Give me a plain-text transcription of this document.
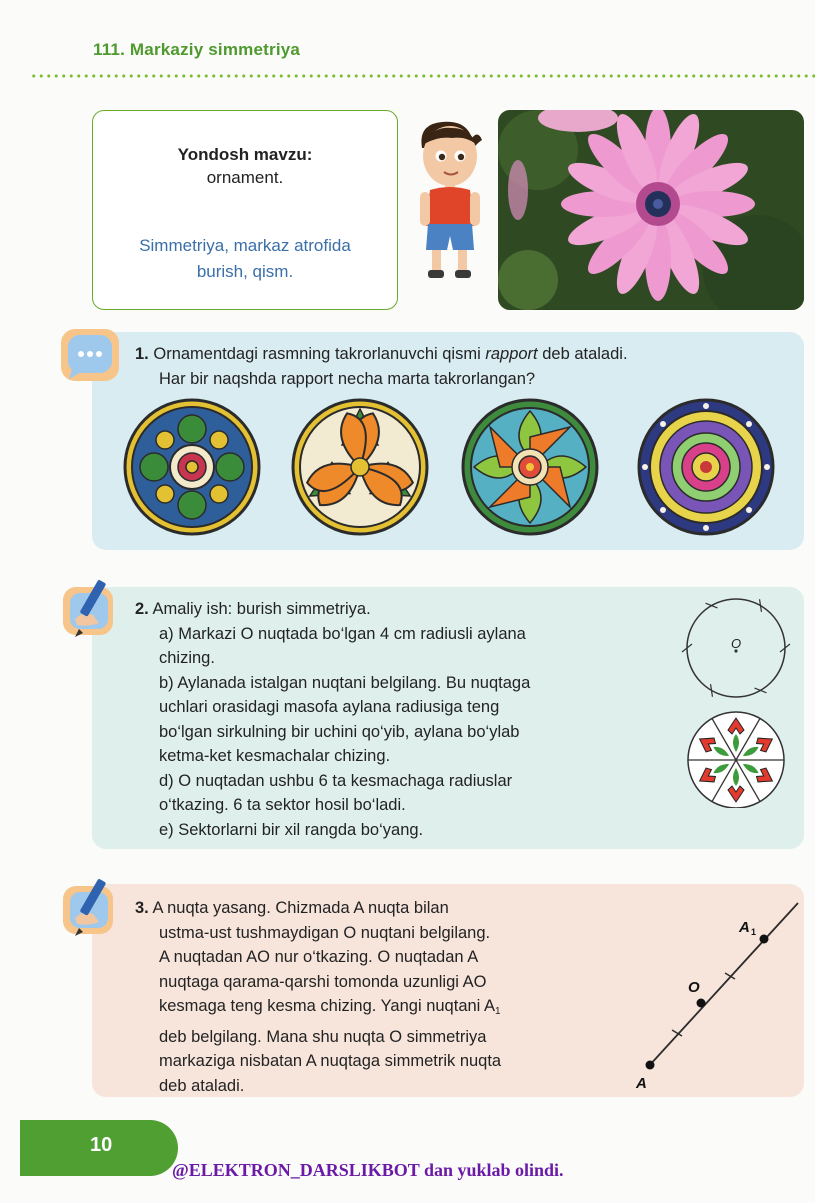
111. Markaziy simmetriya
Yondosh mavzu:
ornament.
Simmetriya, markaz atrofida
burish, qism.
1. Ornamentdagi rasmning takrorlanuvchi qismi rapport deb ataladi.
Har bir naqshda rapport necha marta takrorlangan?
2. Amaliy ish: burish simmetriya.
a) Markazi O nuqtada bo‘lgan 4 cm radiusli aylana
chizing.
b) Aylanada istalgan nuqtani belgilang. Bu nuqtaga
uchlari orasidagi masofa aylana radiusiga teng
bo‘lgan sirkulning bir uchini qo‘yib, aylana bo‘ylab
ketma-ket kesmachalar chizing.
d) O nuqtadan ushbu 6 ta kesmachaga radiuslar
o‘tkazing. 6 ta sektor hosil bo‘ladi.
e) Sektorlarni bir xil rangda bo‘yang.
O
3. A nuqta yasang. Chizmada A nuqta bilan
ustma-ust tushmaydigan O nuqtani belgilang.
A nuqtadan AO nur o‘tkazing. O nuqtadan A
nuqtaga qarama-qarshi tomonda uzunligi AO
kesmaga teng kesma chizing. Yangi nuqtani A1
deb belgilang. Mana shu nuqta O simmetriya
markaziga nisbatan A nuqtaga simmetrik nuqta
deb ataladi.	A
O
A 1
10
@ELEKTRON_DARSLIKBOT dan yuklab olindi.
